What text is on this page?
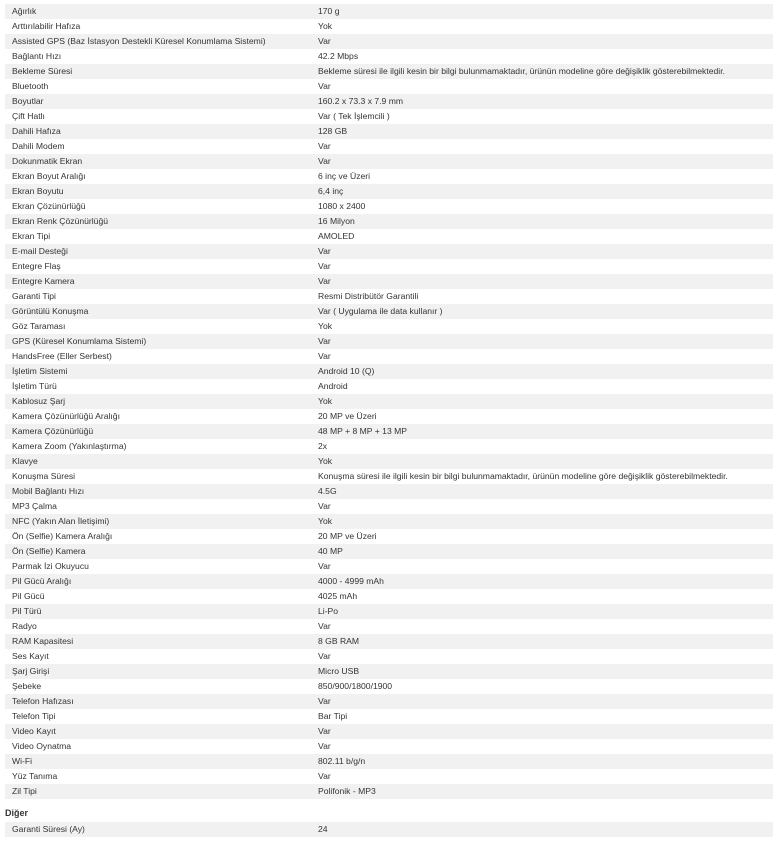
Ağırlık	170 g
Arttırılabilir Hafıza	Yok
Assisted GPS (Baz İstasyon Destekli Küresel Konumlama Sistemi)	Var
Bağlantı Hızı	42.2 Mbps
Bekleme Süresi	Bekleme süresi ile ilgili kesin bir bilgi bulunmamaktadır, ürünün modeline göre değişiklik gösterebilmektedir.
Bluetooth	Var
Boyutlar	160.2 x 73.3 x 7.9 mm
Çift Hatlı	Var ( Tek İşlemcili )
Dahili Hafıza	128 GB
Dahili Modem	Var
Dokunmatik Ekran	Var
Ekran Boyut Aralığı	6 inç ve Üzeri
Ekran Boyutu	6,4 inç
Ekran Çözünürlüğü	1080 x 2400
Ekran Renk Çözünürlüğü	16 Milyon
Ekran Tipi	AMOLED
E-mail Desteği	Var
Entegre Flaş	Var
Entegre Kamera	Var
Garanti Tipi	Resmi Distribütör Garantili
Görüntülü Konuşma	Var ( Uygulama ile data kullanır )
Göz Taraması	Yok
GPS (Küresel Konumlama Sistemi)	Var
HandsFree (Eller Serbest)	Var
İşletim Sistemi	Android 10 (Q)
İşletim Türü	Android
Kablosuz Şarj	Yok
Kamera Çözünürlüğü Aralığı	20 MP ve Üzeri
Kamera Çözünürlüğü	48 MP + 8 MP + 13 MP
Kamera Zoom (Yakınlaştırma)	2x
Klavye	Yok
Konuşma Süresi	Konuşma süresi ile ilgili kesin bir bilgi bulunmamaktadır, ürünün modeline göre değişiklik gösterebilmektedir.
Mobil Bağlantı Hızı	4.5G
MP3 Çalma	Var
NFC (Yakın Alan İletişimi)	Yok
Ön (Selfie) Kamera Aralığı	20 MP ve Üzeri
Ön (Selfie) Kamera	40 MP
Parmak İzi Okuyucu	Var
Pil Gücü Aralığı	4000 - 4999 mAh
Pil Gücü	4025 mAh
Pil Türü	Li-Po
Radyo	Var
RAM Kapasitesi	8 GB RAM
Ses Kayıt	Var
Şarj Girişi	Micro USB
Şebeke	850/900/1800/1900
Telefon Hafızası	Var
Telefon Tipi	Bar Tipi
Video Kayıt	Var
Video Oynatma	Var
Wi-Fi	802.11 b/g/n
Yüz Tanıma	Var
Zil Tipi	Polifonik - MP3
Diğer
Garanti Süresi (Ay)	24
